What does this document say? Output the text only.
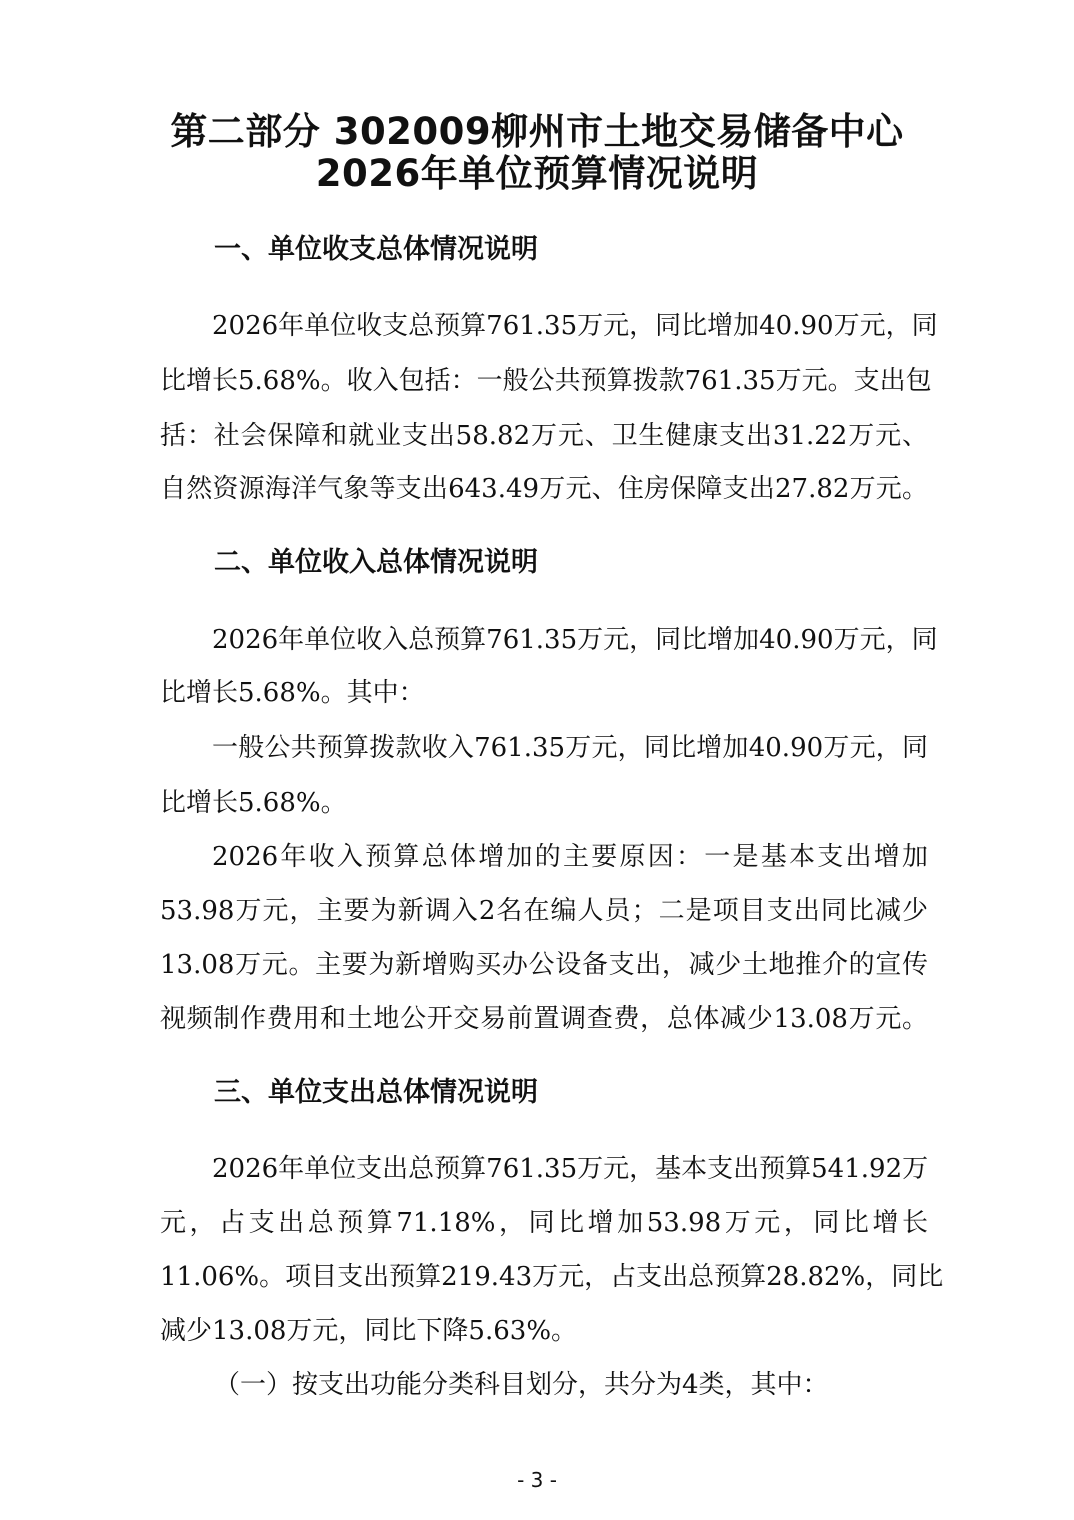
第二部分 302009柳州市土地交易储备中心
2026年单位预算情况说明
一、单位收支总体情况说明
2026年单位收支总预算761.35万元，同比增加40.90万元，同
比增长5.68%。收入包括：一般公共预算拨款761.35万元。支出包
括：社会保障和就业支出58.82万元、卫生健康支出31.22万元、
自然资源海洋气象等支出643.49万元、住房保障支出27.82万元。
二、单位收入总体情况说明
2026年单位收入总预算761.35万元，同比增加40.90万元，同
比增长5.68%。其中：
一般公共预算拨款收入761.35万元，同比增加40.90万元，同
比增长5.68%。
2026年收入预算总体增加的主要原因：一是基本支出增加
53.98万元，主要为新调入2名在编人员；二是项目支出同比减少
13.08万元。主要为新增购买办公设备支出，减少土地推介的宣传
视频制作费用和土地公开交易前置调查费，总体减少13.08万元。
三、单位支出总体情况说明
2026年单位支出总预算761.35万元，基本支出预算541.92万
元，占支出总预算71.18%，同比增加53.98万元，同比增长
11.06%。项目支出预算219.43万元，占支出总预算28.82%，同比
减少13.08万元，同比下降5.63%。
（一）按支出功能分类科目划分，共分为4类，其中：
- 3 -
